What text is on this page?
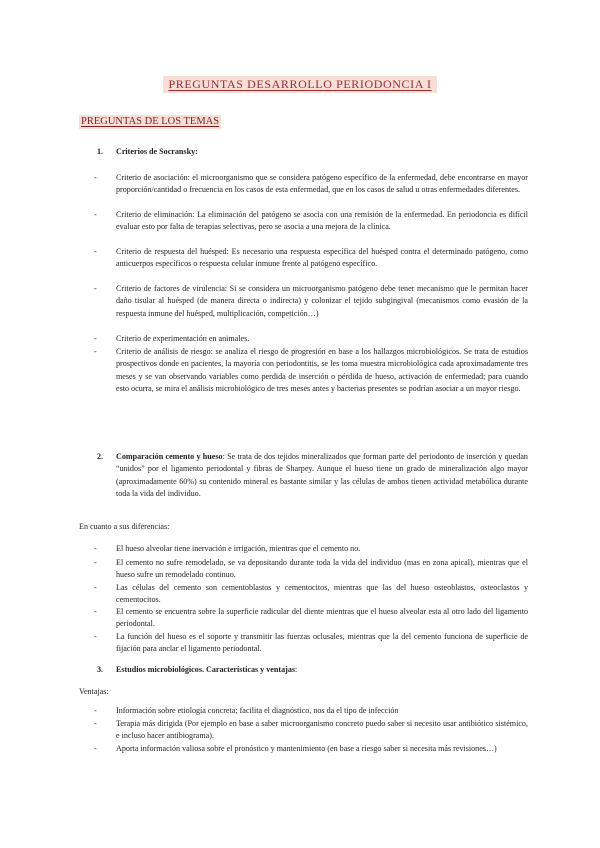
PREGUNTAS DESARROLLO PERIODONCIA I
PREGUNTAS DE LOS TEMAS
1. Criterios de Socransky:
-	Criterio de asociación: el microorganismo que se considera patógeno específico de la enfermedad, debe encontrarse en mayor proporción/cantidad o frecuencia en los casos de esta enfermedad, que en los casos de salud u otras enfermedades diferentes.
-	Criterio de eliminación: La eliminación del patógeno se asocia con una remisión de la enfermedad. En periodoncia es difícil evaluar esto por falta de terapias selectivas, pero se asocia a una mejora de la clínica.
-	Criterio de respuesta del huésped: Es necesario una respuesta específica del huésped contra el determinado patógeno, como anticuerpos específicos o respuesta celular inmune frente al patógeno específico.
-	Criterio de factores de virulencia: Si se considera un microorganismo patógeno debe tener mecanismo que le permitan hacer daño tisular al huésped (de manera directa o indirecta) y colonizar el tejido subgingival (mecanismos como evasión de la respuesta inmune del huésped, multiplicación, competición…)
-	Criterio de experimentación en animales.
-	Criterio de análisis de riesgo: se analiza el riesgo de progresión en base a los hallazgos microbiológicos. Se trata de estudios prospectivos donde en pacientes, la mayoría con periodontitis, se les toma muestra microbiológica cada aproximadamente tres meses y se van observando variables como perdida de inserción o pérdida de hueso, activación de enfermedad; para cuando esto ocurra, se mira el análisis microbiológico de tres meses antes y bacterias presentes se podrían asociar a un mayor riesgo.
2. Comparación cemento y hueso: Se trata de dos tejidos mineralizados que forman parte del periodonto de inserción y quedan “unidos” por el ligamento periodontal y fibras de Sharpey. Aunque el hueso tiene un grado de mineralización algo mayor (aproximadamente 60%) su contenido mineral es bastante similar y las células de ambos tienen actividad metabólica durante toda la vida del individuo.
En cuanto a sus diferencias:
-	El hueso alveolar tiene inervación e irrigación, mientras que el cemento no.
-	El cemento no sufre remodelado, se va depositando durante toda la vida del individuo (mas en zona apical), mientras que el hueso sufre un remodelado continuo.
-	Las células del cemento son cementoblastos y cementocitos, mientras que las del hueso osteoblastos, osteoclastos y cementocitos.
-	El cemento se encuentra sobre la superficie radicular del diente mientras que el hueso alveolar esta al otro lado del ligamento periodontal.
-	La función del hueso es el soporte y transmitir las fuerzas oclusales, mientras que la del cemento funciona de superficie de fijación para anclar el ligamento periodontal.
3. Estudios microbiológicos. Características y ventajas:
Ventajas:
-	Información sobre etiología concreta; facilita el diagnóstico, nos da el tipo de infección
-	Terapia más dirigida (Por ejemplo en base a saber microorganismo concreto puedo saber si necesito usar antibiótico sistémico, e incluso hacer antibiograma).
-	Aporta información valiosa sobre el pronóstico y mantenimiento (en base a riesgo saber si necesita más revisiones…)
